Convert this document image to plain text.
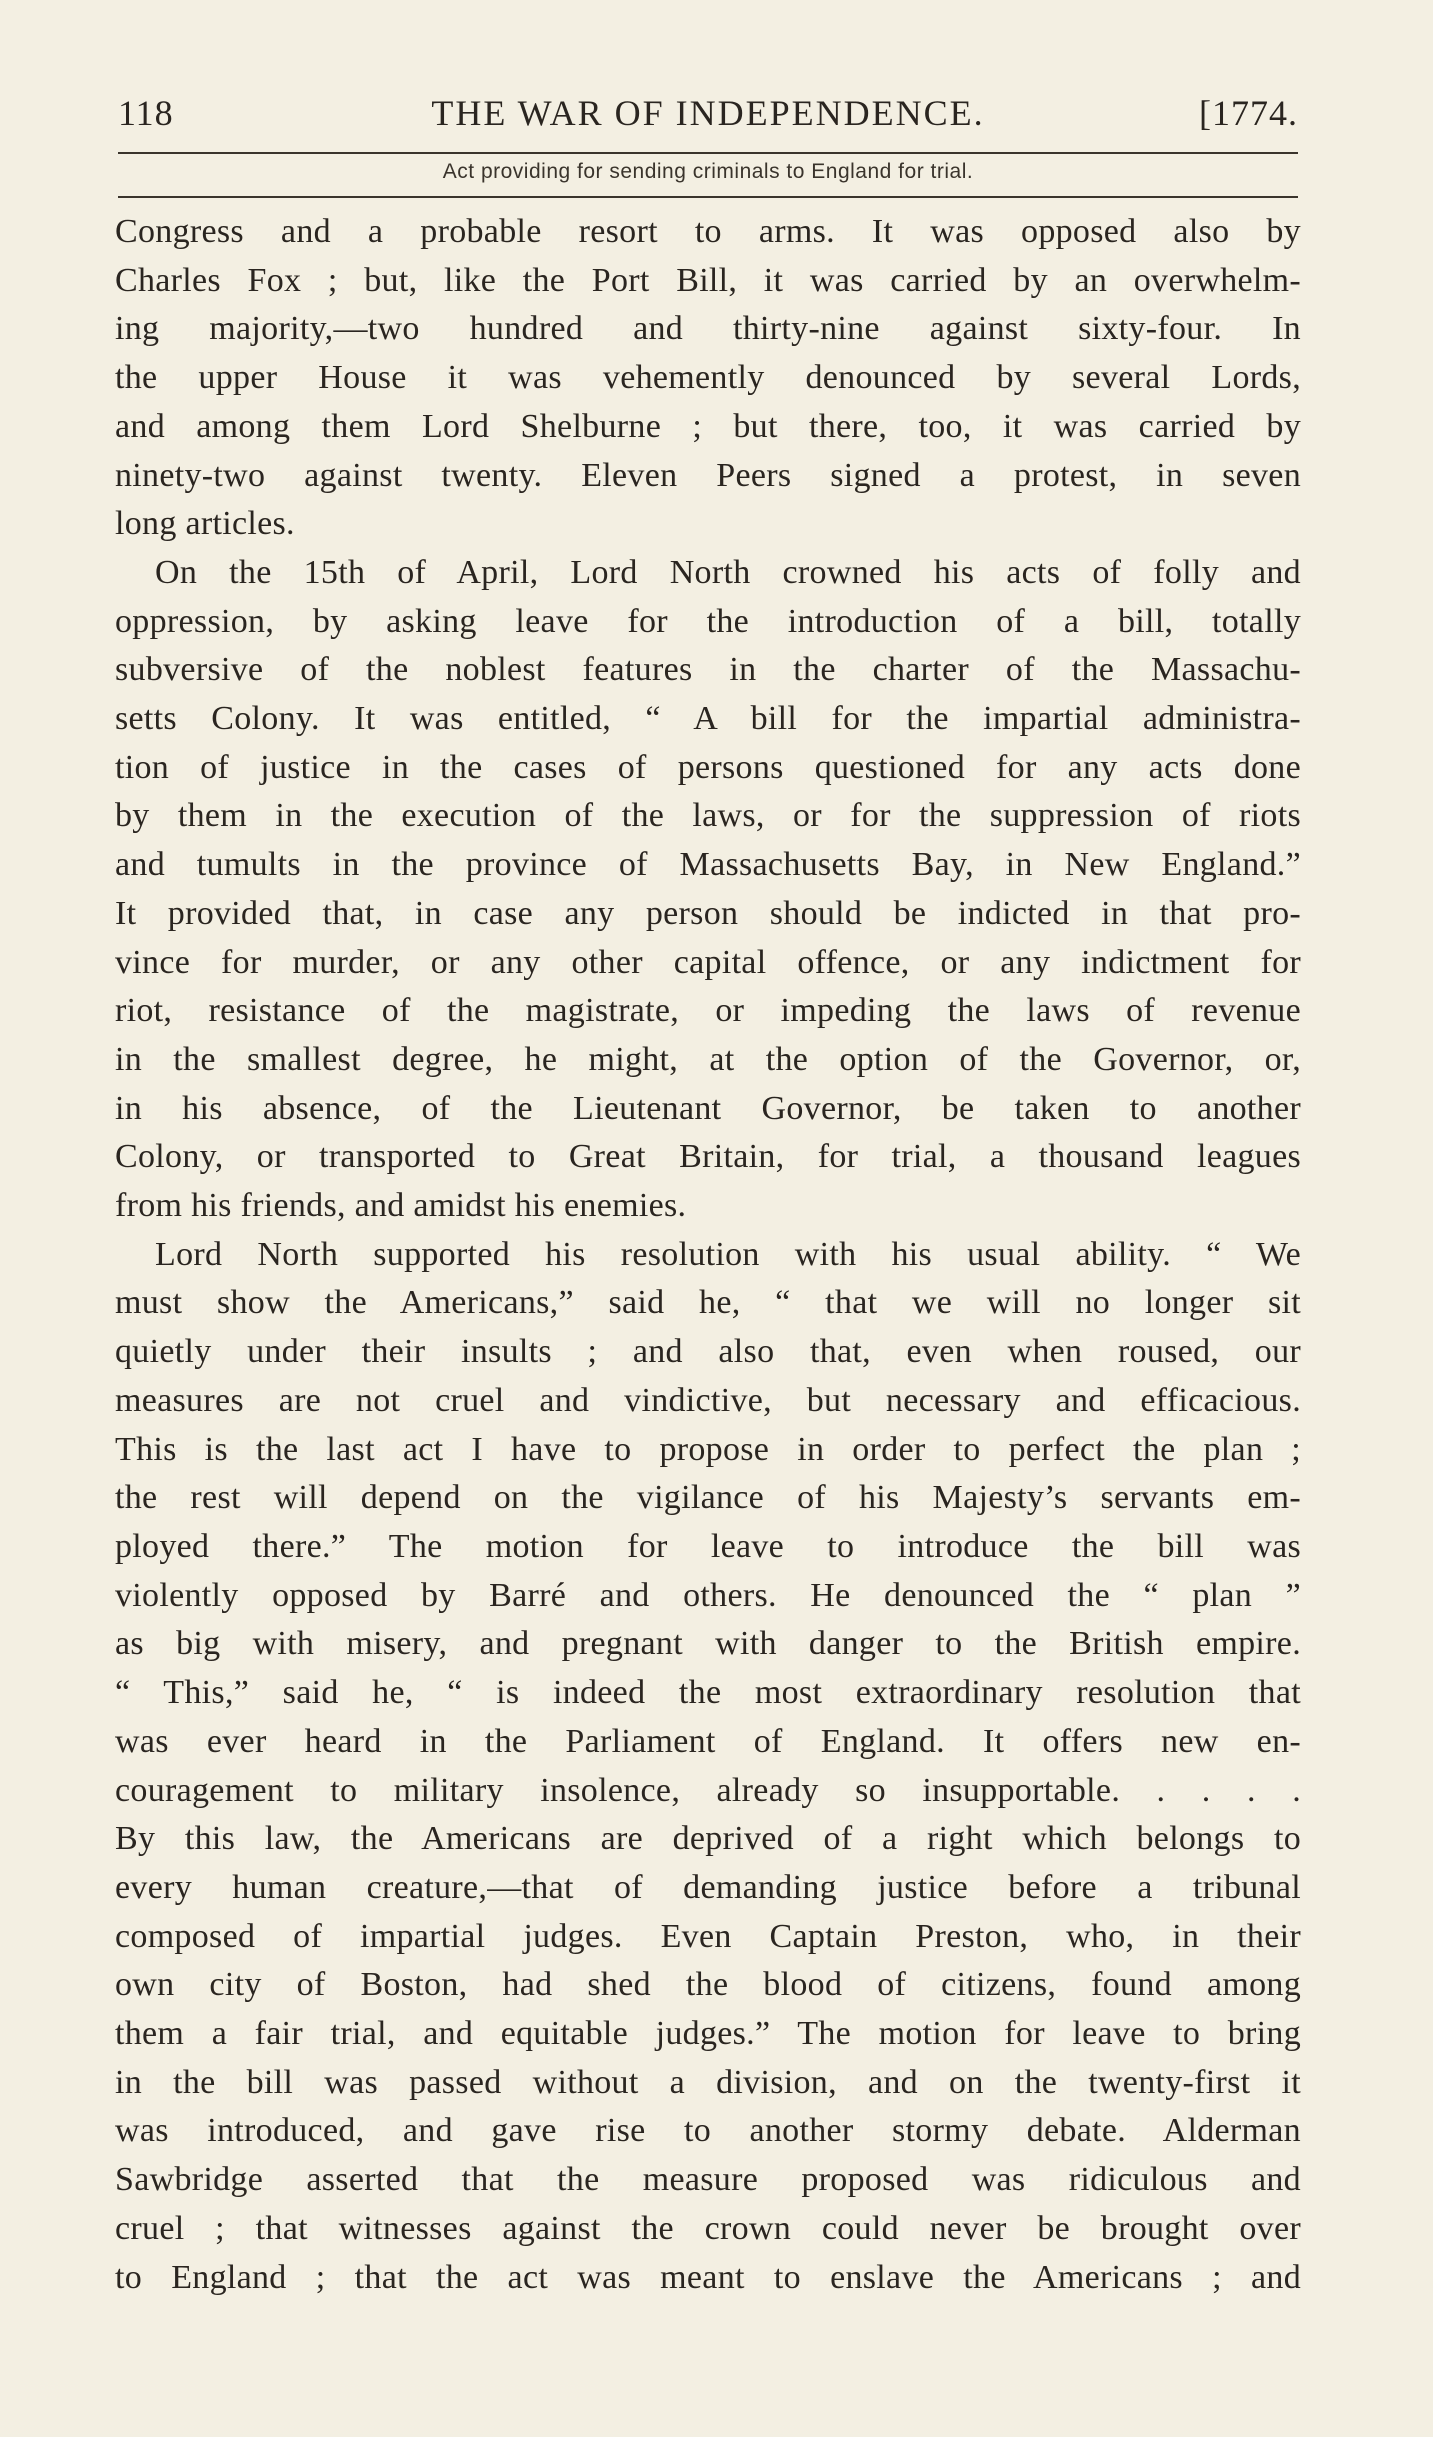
118	THE WAR OF INDEPENDENCE.	[1774.
Act providing for sending criminals to England for trial.

Congress and a probable resort to arms. It was opposed also by
Charles Fox ; but, like the Port Bill, it was carried by an overwhelm-
ing majority,—two hundred and thirty-nine against sixty-four. In
the upper House it was vehemently denounced by several Lords,
and among them Lord Shelburne ; but there, too, it was carried by
ninety-two against twenty. Eleven Peers signed a protest, in seven
long articles.

On the 15th of April, Lord North crowned his acts of folly and
oppression, by asking leave for the introduction of a bill, totally
subversive of the noblest features in the charter of the Massachu-
setts Colony. It was entitled, “ A bill for the impartial administra-
tion of justice in the cases of persons questioned for any acts done
by them in the execution of the laws, or for the suppression of riots
and tumults in the province of Massachusetts Bay, in New England.”
It provided that, in case any person should be indicted in that pro-
vince for murder, or any other capital offence, or any indictment for
riot, resistance of the magistrate, or impeding the laws of revenue
in the smallest degree, he might, at the option of the Governor, or,
in his absence, of the Lieutenant Governor, be taken to another
Colony, or transported to Great Britain, for trial, a thousand leagues
from his friends, and amidst his enemies.

Lord North supported his resolution with his usual ability. “ We
must show the Americans,” said he, “ that we will no longer sit
quietly under their insults ; and also that, even when roused, our
measures are not cruel and vindictive, but necessary and efficacious.
This is the last act I have to propose in order to perfect the plan ;
the rest will depend on the vigilance of his Majesty’s servants em-
ployed there.” The motion for leave to introduce the bill was
violently opposed by Barré and others. He denounced the “ plan ”
as big with misery, and pregnant with danger to the British empire.
“ This,” said he, “ is indeed the most extraordinary resolution that
was ever heard in the Parliament of England. It offers new en-
couragement to military insolence, already so insupportable. . . . .
By this law, the Americans are deprived of a right which belongs to
every human creature,—that of demanding justice before a tribunal
composed of impartial judges. Even Captain Preston, who, in their
own city of Boston, had shed the blood of citizens, found among
them a fair trial, and equitable judges.” The motion for leave to bring
in the bill was passed without a division, and on the twenty-first it
was introduced, and gave rise to another stormy debate. Alderman
Sawbridge asserted that the measure proposed was ridiculous and
cruel ; that witnesses against the crown could never be brought over
to England ; that the act was meant to enslave the Americans ; and
